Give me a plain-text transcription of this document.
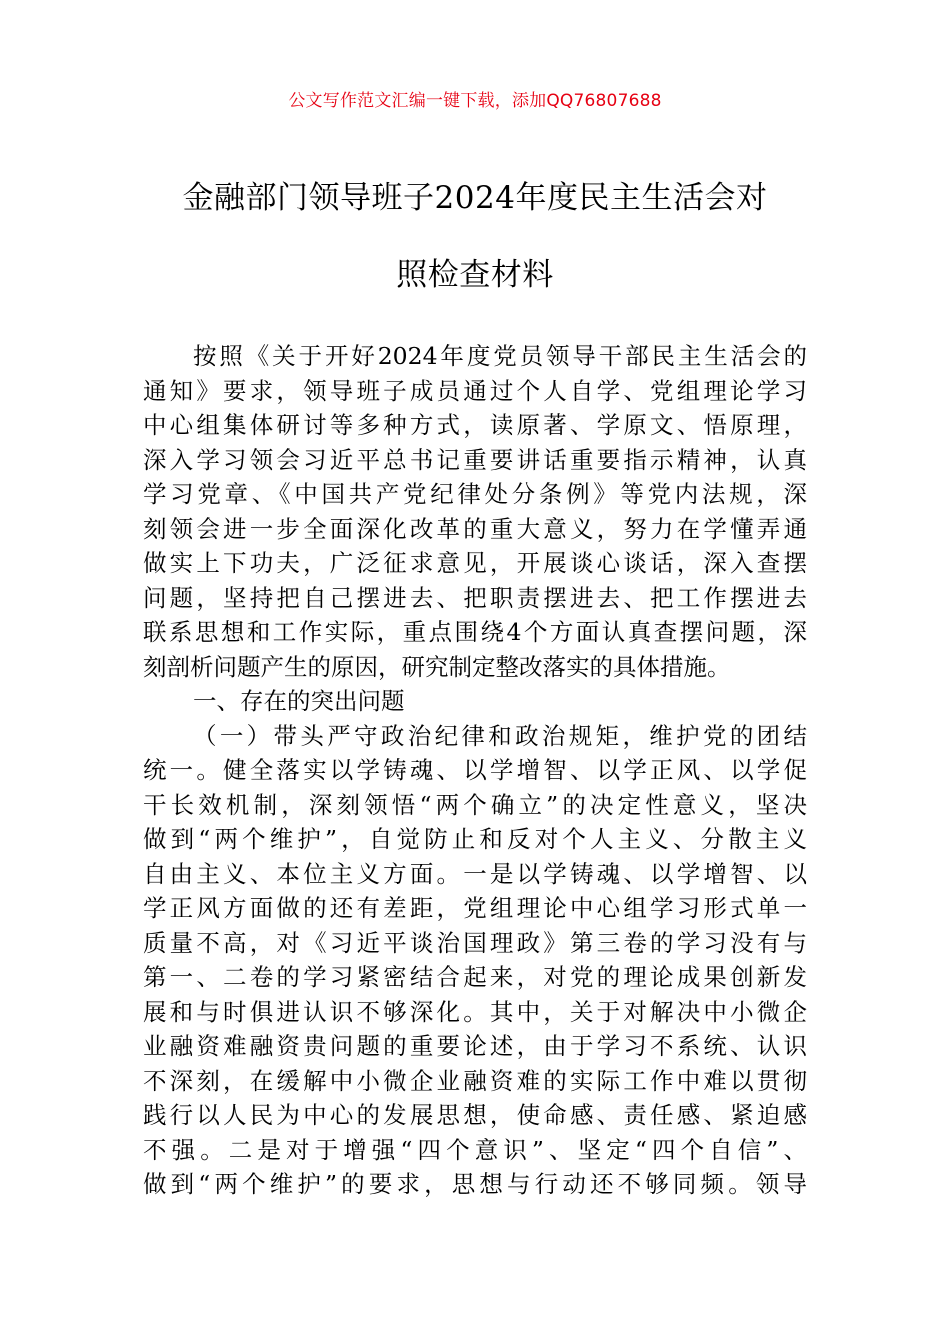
公文写作范文汇编一键下载，添加QQ76807688
金融部门领导班子2024年度民主生活会对
照检查材料
按照《关于开好2024年度党员领导干部民主生活会的
通知》要求，领导班子成员通过个人自学、党组理论学习
中心组集体研讨等多种方式，读原著、学原文、悟原理，
深入学习领会习近平总书记重要讲话重要指示精神，认真
学习党章、《中国共产党纪律处分条例》等党内法规，深
刻领会进一步全面深化改革的重大意义，努力在学懂弄通
做实上下功夫，广泛征求意见，开展谈心谈话，深入查摆
问题，坚持把自己摆进去、把职责摆进去、把工作摆进去
联系思想和工作实际，重点围绕4个方面认真查摆问题，深
刻剖析问题产生的原因，研究制定整改落实的具体措施。
一、存在的突出问题
（一）带头严守政治纪律和政治规矩，维护党的团结
统一。健全落实以学铸魂、以学增智、以学正风、以学促
干长效机制，深刻领悟“两个确立”的决定性意义，坚决
做到“两个维护”，自觉防止和反对个人主义、分散主义
自由主义、本位主义方面。一是以学铸魂、以学增智、以
学正风方面做的还有差距，党组理论中心组学习形式单一
质量不高，对《习近平谈治国理政》第三卷的学习没有与
第一、二卷的学习紧密结合起来，对党的理论成果创新发
展和与时俱进认识不够深化。其中，关于对解决中小微企
业融资难融资贵问题的重要论述，由于学习不系统、认识
不深刻，在缓解中小微企业融资难的实际工作中难以贯彻
践行以人民为中心的发展思想，使命感、责任感、紧迫感
不强。二是对于增强“四个意识”、坚定“四个自信”、
做到“两个维护”的要求，思想与行动还不够同频。领导
